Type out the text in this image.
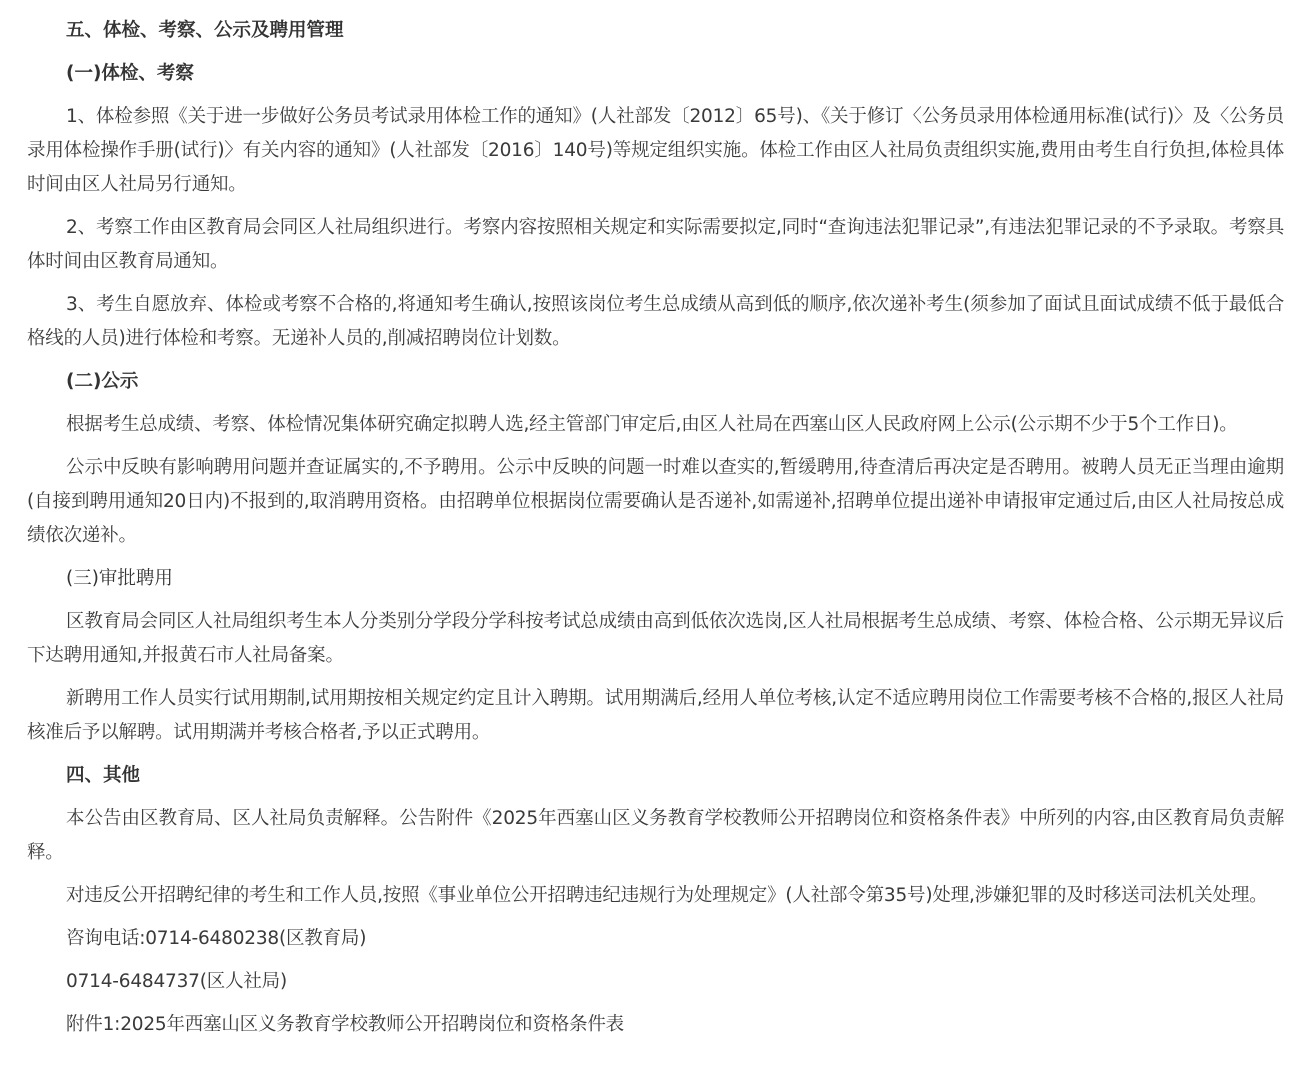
五、体检、考察、公示及聘用管理
(一)体检、考察

1、体检参照《关于进一步做好公务员考试录用体检工作的通知》(人社部发〔2012〕65号)、《关于修订〈公务员录用体检通用标准(试行)〉及〈公务员录用体检操作手册(试行)〉有关内容的通知》(人社部发〔2016〕140号)等规定组织实施。体检工作由区人社局负责组织实施,费用由考生自行负担,体检具体时间由区人社局另行通知。

2、考察工作由区教育局会同区人社局组织进行。考察内容按照相关规定和实际需要拟定,同时“查询违法犯罪记录”,有违法犯罪记录的不予录取。考察具体时间由区教育局通知。

3、考生自愿放弃、体检或考察不合格的,将通知考生确认,按照该岗位考生总成绩从高到低的顺序,依次递补考生(须参加了面试且面试成绩不低于最低合格线的人员)进行体检和考察。无递补人员的,削减招聘岗位计划数。

(二)公示

根据考生总成绩、考察、体检情况集体研究确定拟聘人选,经主管部门审定后,由区人社局在西塞山区人民政府网上公示(公示期不少于5个工作日)。

公示中反映有影响聘用问题并查证属实的,不予聘用。公示中反映的问题一时难以查实的,暂缓聘用,待查清后再决定是否聘用。被聘人员无正当理由逾期(自接到聘用通知20日内)不报到的,取消聘用资格。由招聘单位根据岗位需要确认是否递补,如需递补,招聘单位提出递补申请报审定通过后,由区人社局按总成绩依次递补。

(三)审批聘用

区教育局会同区人社局组织考生本人分类别分学段分学科按考试总成绩由高到低依次选岗,区人社局根据考生总成绩、考察、体检合格、公示期无异议后下达聘用通知,并报黄石市人社局备案。

新聘用工作人员实行试用期制,试用期按相关规定约定且计入聘期。试用期满后,经用人单位考核,认定不适应聘用岗位工作需要考核不合格的,报区人社局核准后予以解聘。试用期满并考核合格者,予以正式聘用。

四、其他

本公告由区教育局、区人社局负责解释。公告附件《2025年西塞山区义务教育学校教师公开招聘岗位和资格条件表》中所列的内容,由区教育局负责解释。

对违反公开招聘纪律的考生和工作人员,按照《事业单位公开招聘违纪违规行为处理规定》(人社部令第35号)处理,涉嫌犯罪的及时移送司法机关处理。

咨询电话:0714-6480238(区教育局)

0714-6484737(区人社局)

附件1:2025年西塞山区义务教育学校教师公开招聘岗位和资格条件表
